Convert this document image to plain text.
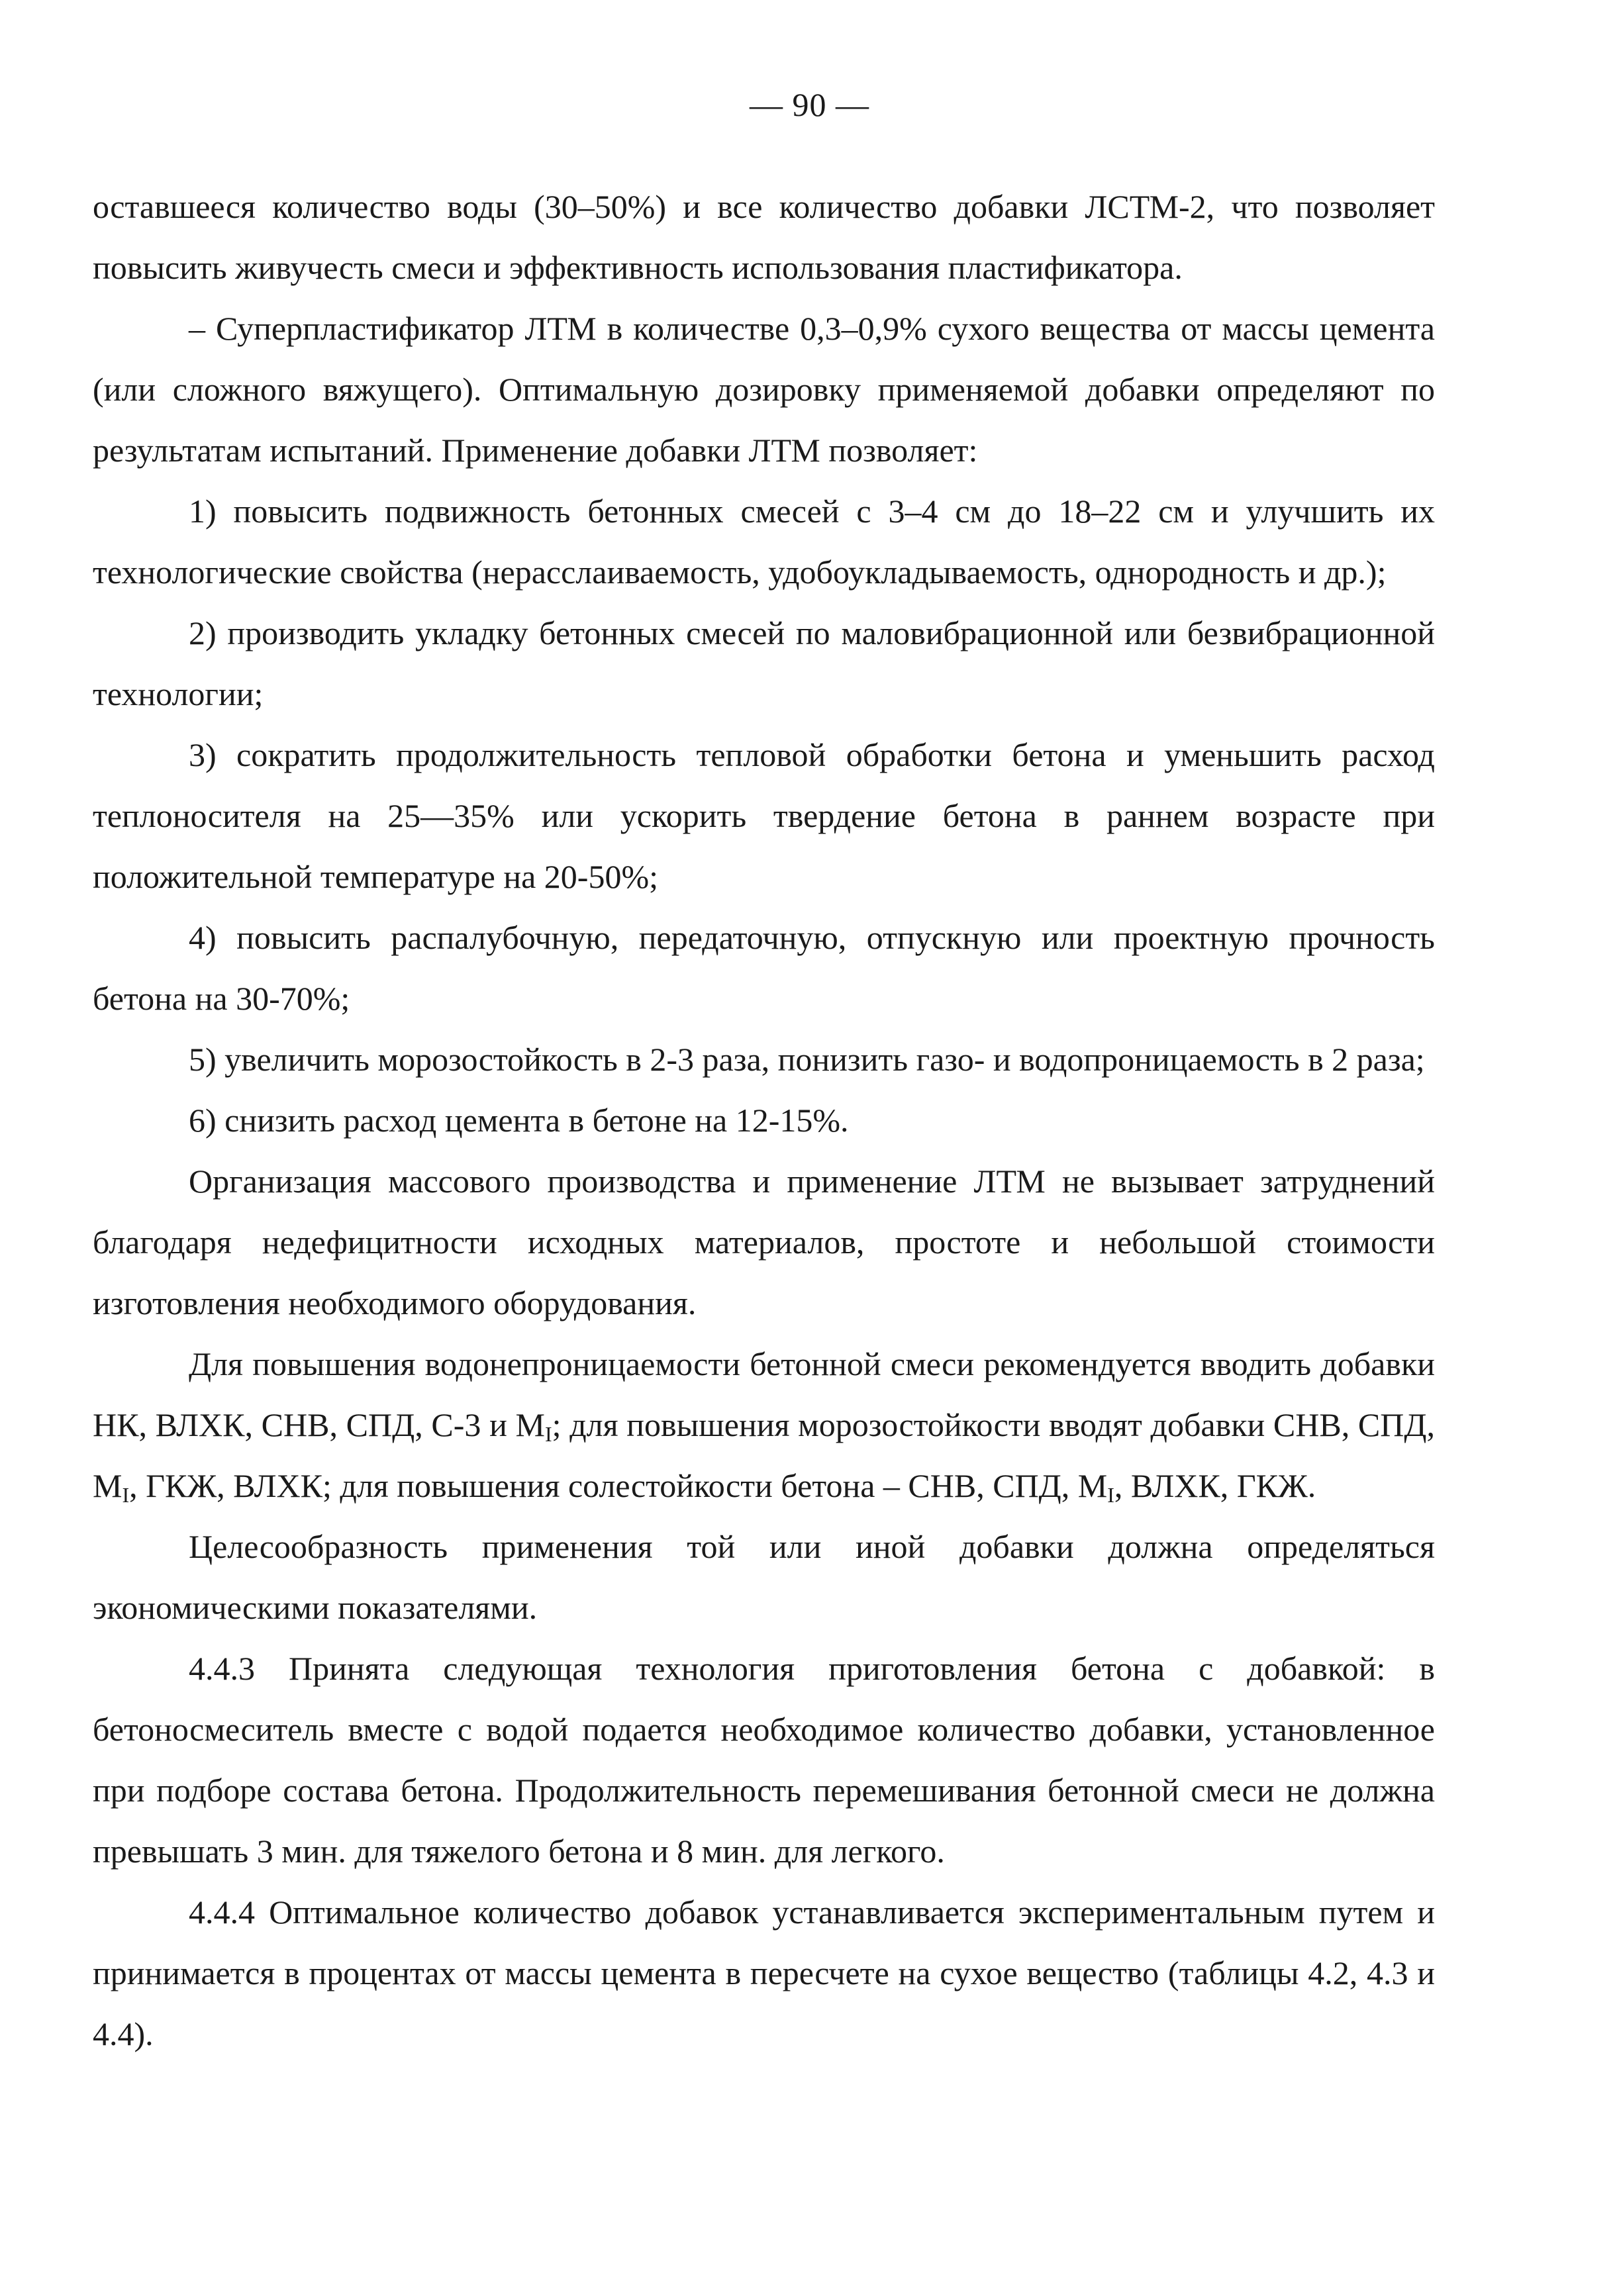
— 90 —

оставшееся количество воды (30–50%) и все количество добавки ЛСТМ-2, что позволяет повысить живучесть смеси и эффективность использования пластификатора.

– Суперпластификатор ЛТМ в количестве 0,3–0,9% сухого вещества от массы цемента (или сложного вяжущего). Оптимальную дозировку применяемой добавки определяют по результатам испытаний. Применение добавки ЛТМ позволяет:

1) повысить подвижность бетонных смесей с 3–4 см до 18–22 см и улучшить их технологические свойства (нерасслаиваемость, удобоукладываемость, однородность и др.);

2) производить укладку бетонных смесей по маловибрационной или безвибрационной технологии;

3) сократить продолжительность тепловой обработки бетона и уменьшить расход теплоносителя на 25—35% или ускорить твердение бетона в раннем возрасте при положительной температуре на 20-50%;

4) повысить распалубочную, передаточную, отпускную или проектную прочность бетона на 30-70%;

5) увеличить морозостойкость в 2-3 раза, понизить газо- и водопроницаемость в 2 раза;

6) снизить расход цемента в бетоне на 12-15%.

Организация массового производства и применение ЛТМ не вызывает затруднений благодаря недефицитности исходных материалов, простоте и небольшой стоимости изготовления необходимого оборудования.

Для повышения водонепроницаемости бетонной смеси рекомендуется вводить добавки НК, ВЛХК, СНВ, СПД, С-3 и $М_I$; для повышения морозостойкости вводят добавки СНВ, СПД, $М_I$, ГКЖ, ВЛХК; для повышения солестойкости бетона – СНВ, СПД, $М_I$, ВЛХК, ГКЖ.

Целесообразность применения той или иной добавки должна определяться экономическими показателями.

4.4.3 Принята следующая технология приготовления бетона с добавкой: в бетоносмеситель вместе с водой подается необходимое количество добавки, установленное при подборе состава бетона. Продолжительность перемешивания бетонной смеси не должна превышать 3 мин. для тяжелого бетона и 8 мин. для легкого.

4.4.4 Оптимальное количество добавок устанавливается экспериментальным путем и принимается в процентах от массы цемента в пересчете на сухое вещество (таблицы 4.2, 4.3 и 4.4).
